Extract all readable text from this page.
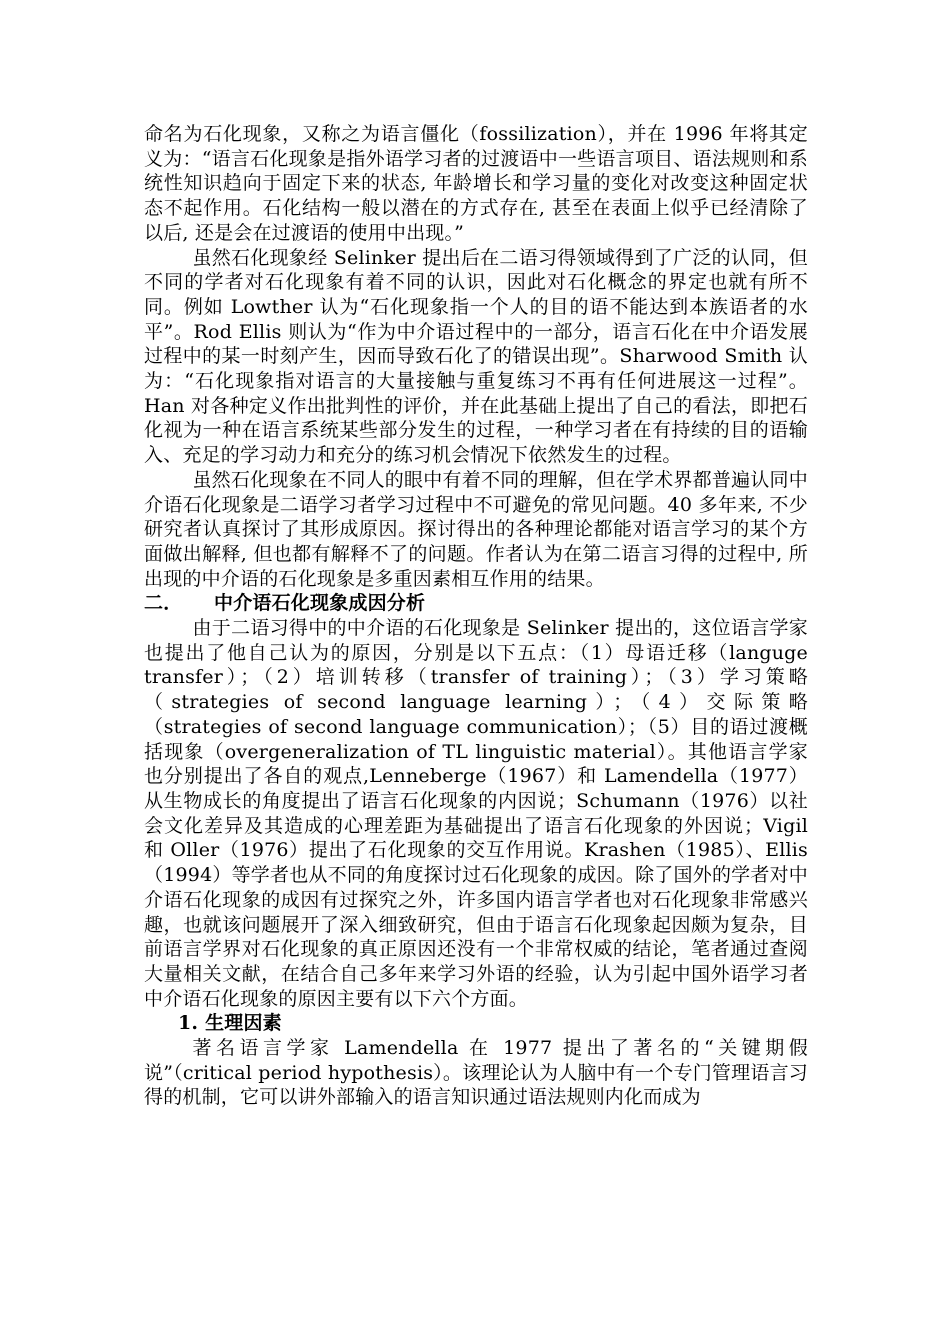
命名为石化现象，又称之为语言僵化（fossilization），并在 1996 年将其定义为：“语言石化现象是指外语学习者的过渡语中一些语言项目、语法规则和系统性知识趋向于固定下来的状态, 年龄增长和学习量的变化对改变这种固定状态不起作用。石化结构一般以潜在的方式存在, 甚至在表面上似乎已经清除了以后, 还是会在过渡语的使用中出现。”

虽然石化现象经 Selinker 提出后在二语习得领域得到了广泛的认同，但不同的学者对石化现象有着不同的认识，因此对石化概念的界定也就有所不同。例如 Lowther 认为“石化现象指一个人的目的语不能达到本族语者的水平”。Rod Ellis 则认为“作为中介语过程中的一部分，语言石化在中介语发展过程中的某一时刻产生，因而导致石化了的错误出现”。Sharwood Smith 认为：“石化现象指对语言的大量接触与重复练习不再有任何进展这一过程”。Han 对各种定义作出批判性的评价，并在此基础上提出了自己的看法，即把石化视为一种在语言系统某些部分发生的过程，一种学习者在有持续的目的语输入、充足的学习动力和充分的练习机会情况下依然发生的过程。

虽然石化现象在不同人的眼中有着不同的理解，但在学术界都普遍认同中介语石化现象是二语学习者学习过程中不可避免的常见问题。40 多年来, 不少研究者认真探讨了其形成原因。探讨得出的各种理论都能对语言学习的某个方面做出解释, 但也都有解释不了的问题。作者认为在第二语言习得的过程中, 所出现的中介语的石化现象是多重因素相互作用的结果。

二． 中介语石化现象成因分析

由于二语习得中的中介语的石化现象是 Selinker 提出的，这位语言学家也提出了他自己认为的原因，分别是以下五点：（1）母语迁移（languge transfer）；（2）培训转移（transfer of training）；（3）学习策略（strategies of second language learning）；（4）交际策略（strategies of second language communication）；（5）目的语过渡概括现象（overgeneralization of TL linguistic material）。其他语言学家也分别提出了各自的观点,Lenneberge（1967）和 Lamendella（1977）从生物成长的角度提出了语言石化现象的内因说；Schumann（1976）以社会文化差异及其造成的心理差距为基础提出了语言石化现象的外因说；Vigil 和 Oller（1976）提出了石化现象的交互作用说。Krashen（1985）、Ellis（1994）等学者也从不同的角度探讨过石化现象的成因。除了国外的学者对中介语石化现象的成因有过探究之外，许多国内语言学者也对石化现象非常感兴趣，也就该问题展开了深入细致研究，但由于语言石化现象起因颇为复杂，目前语言学界对石化现象的真正原因还没有一个非常权威的结论，笔者通过查阅大量相关文献，在结合自己多年来学习外语的经验，认为引起中国外语学习者中介语石化现象的原因主要有以下六个方面。

1. 生理因素

著名语言学家 Lamendella 在 1977 提出了著名的“关键期假说”（critical period hypothesis）。该理论认为人脑中有一个专门管理语言习得的机制，它可以讲外部输入的语言知识通过语法规则内化而成为
